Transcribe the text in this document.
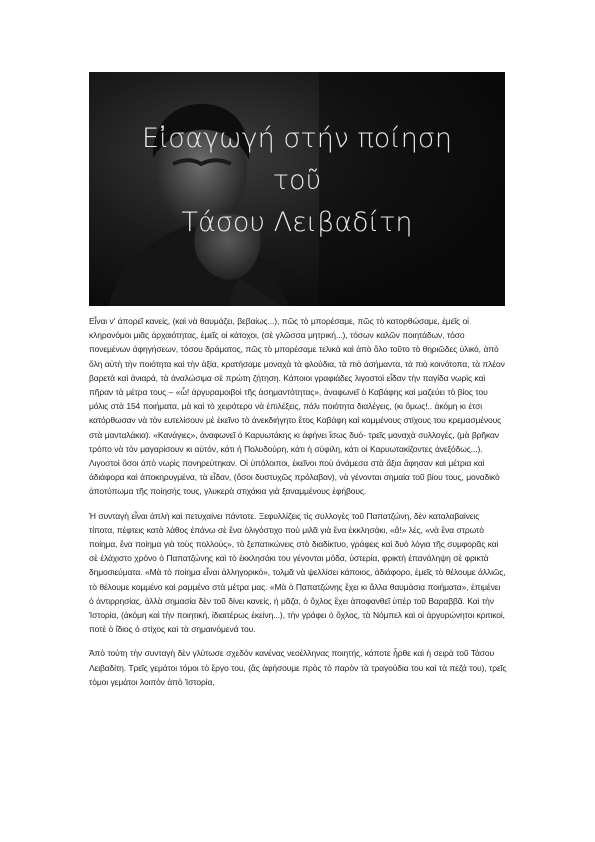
Εἰσαγωγή στήν ποίηση
τοῦ
Τάσου Λειβαδίτη

Εἶναι ν' ἀπορεῖ κανείς, (καὶ νὰ θαυμάζει, βεβαίως...), πῶς τὸ μπορέσαμε, πῶς τὸ κατορθώσαμε, ἐμεῖς οἱ κληρονόμοι μιᾶς ἀρχαιότητας, ἐμεῖς οἱ κάτοχοι, (σὲ γλῶσσα μητρική...), τόσων καλῶν ποιητάδων, τόσο πονεμένων ἀφηγήσεων, τόσου δράματος, πῶς τὸ μπορέσαμε τελικὰ καὶ ἀπὸ ὅλο τοῦτο τὸ θηριῶδες ὑλικό, ἀπὸ ὅλη αὐτὴ τὴν ποιότητα καὶ τὴν ἀξία, κρατήσαμε μοναχὰ τὰ φλούδια, τὰ πιὸ ἀσήμαντα, τὰ πιὸ κοινότοπα, τὰ πλέον βαρετὰ καὶ ἀνιαρά, τὰ ἀναλώσιμα σὲ πρώτη ζήτηση. Κάποιοι γραφιάδες λιγοστοὶ εἶδαν τὴν παγίδα νωρὶς καὶ πῆραν τὰ μέτρα τους – «ὦ! ἀργυραμοιβοὶ τῆς ἀσημαντότητας», ἀναφωνεῖ ὁ Καβάφης καὶ μαζεύει τὸ βίος του μόλις στὰ 154 ποιήματα, μὰ καὶ τὸ χειρότερο νὰ ἐπιλέξεις, πάλι ποιότητα διαλέγεις, (κι ὅμως!.. ἀκόμη κι ἐτσι κατόρθωσαν νὰ τὸν ευτελίσουν μὲ ἐκεῖνο τὸ ἀνεκδιήγητο ἔτος Καβάφη καὶ κομμένους στίχους του κρεμασμένους στὰ μανταλάκια). «Κανάγιες», ἀναφωνεῖ ὁ Καρυωτάκης κι ἀφήνει ἴσως δυό- τρεῖς μοναχὰ συλλογές, (μὰ βρῆκαν τρόπο νὰ τὸν μαγαρίσουν κι αὐτόν, κάτι ἡ Πολυδούρη, κάτι ἡ σύφιλη, κάτι οἱ Καρυωτακίζοντες ἀνεξόδως...). Λιγοστοὶ ὅσοι ἀπὸ νωρὶς πονηρεύτηκαν. Οἱ ὑπόλοιποι, ἐκεῖνοι ποὺ ἀνάμεσα στὰ ἄξια ἄφησαν καὶ μέτρια καὶ ἀδιάφορα καὶ ἀποκηρυγμένα, τὰ εἶδαν, (ὅσοι δυστυχῶς πρόλαβαν), νὰ γένονται σημαία τοῦ βίου τους, μοναδικὸ ἀποτύπωμα τῆς ποίησής τους, γλυκερὰ στιχάκια γιὰ ξαναμμένους ἐφήβους.

Ἡ συνταγὴ εἶναι ἁπλὴ καὶ πετυχαίνει πάντοτε. Ξεφυλλίζεις τὶς συλλογὲς τοῦ Παπατζώνη, δὲν καταλαβαίνεις τίποτα, πέφτεις κατὰ λάθος ἐπάνω σὲ ἕνα ὀλιγόστιχο ποὺ μιλᾶ γιὰ ἕνα ἐκκλησάκι, «ἄ!» λές, «νὰ ἕνα στρωτὸ ποίημα, ἕνα ποίημα γιὰ τοὺς πολλούς», τὸ ξεπατικώνεις στὸ διαδίκτυο, γράφεις καὶ δυὸ λόγια τῆς συμφορᾶς καὶ σὲ ἐλάχιστο χρόνο ὁ Παπατζώνης καὶ τὸ ἐκκλησάκι του γένονται μόδα, ὑστερία, φρικτὴ ἐπανάληψη σὲ φρικτὰ δημοσιεύματα. «Μὰ τὸ ποίημα εἶναι ἀλληγορικό», τολμᾶ νὰ ψελλίσει κάποιος, ἀδιάφορο, ἐμεῖς τὸ θέλουμε ἀλλιῶς, τὸ θέλουμε κομμένο καὶ ραμμένο στὰ μέτρα μας. «Μὰ ὁ Παπατζώνης ἔχει κι ἄλλα θαυμάσια ποιήματα», ἐπιμένει ὁ ἀντιρρησίας, ἀλλὰ σημασία δὲν τοῦ δίνει κανείς, ἡ μᾶζα, ὁ ὄχλος ἔχει ἀποφανθεῖ ὑπὲρ τοῦ Βαραββᾶ. Καὶ τὴν Ἱστορία, (ἀκόμη καὶ τὴν ποιητική, ἰδιαιτέρως ἐκείνη...), τὴν γράφει ὁ ὄχλος, τὰ Νόμπελ καὶ οἱ ἀργυρώνητοι κριτικοί, ποτὲ ὁ ἴδιος ὁ στίχος καὶ τὰ σημαινόμενά του.

Ἀπὸ τούτη τὴν συνταγὴ δὲν γλύτωσε σχεδὸν κανένας νεοέλληνας ποιητής, κάποτε ἦρθε καὶ ἡ σειρὰ τοῦ Τάσου Λειβαδίτη. Τρεῖς γεμάτοι τόμοι τὸ ἔργο του, (ἂς ἀφήσουμε πρὸς τὸ παρὸν τὰ τραγούδια του καὶ τὰ πεζά του), τρεῖς τόμοι γεμάτοι λοιπὸν ἀπὸ Ἱστορία,
